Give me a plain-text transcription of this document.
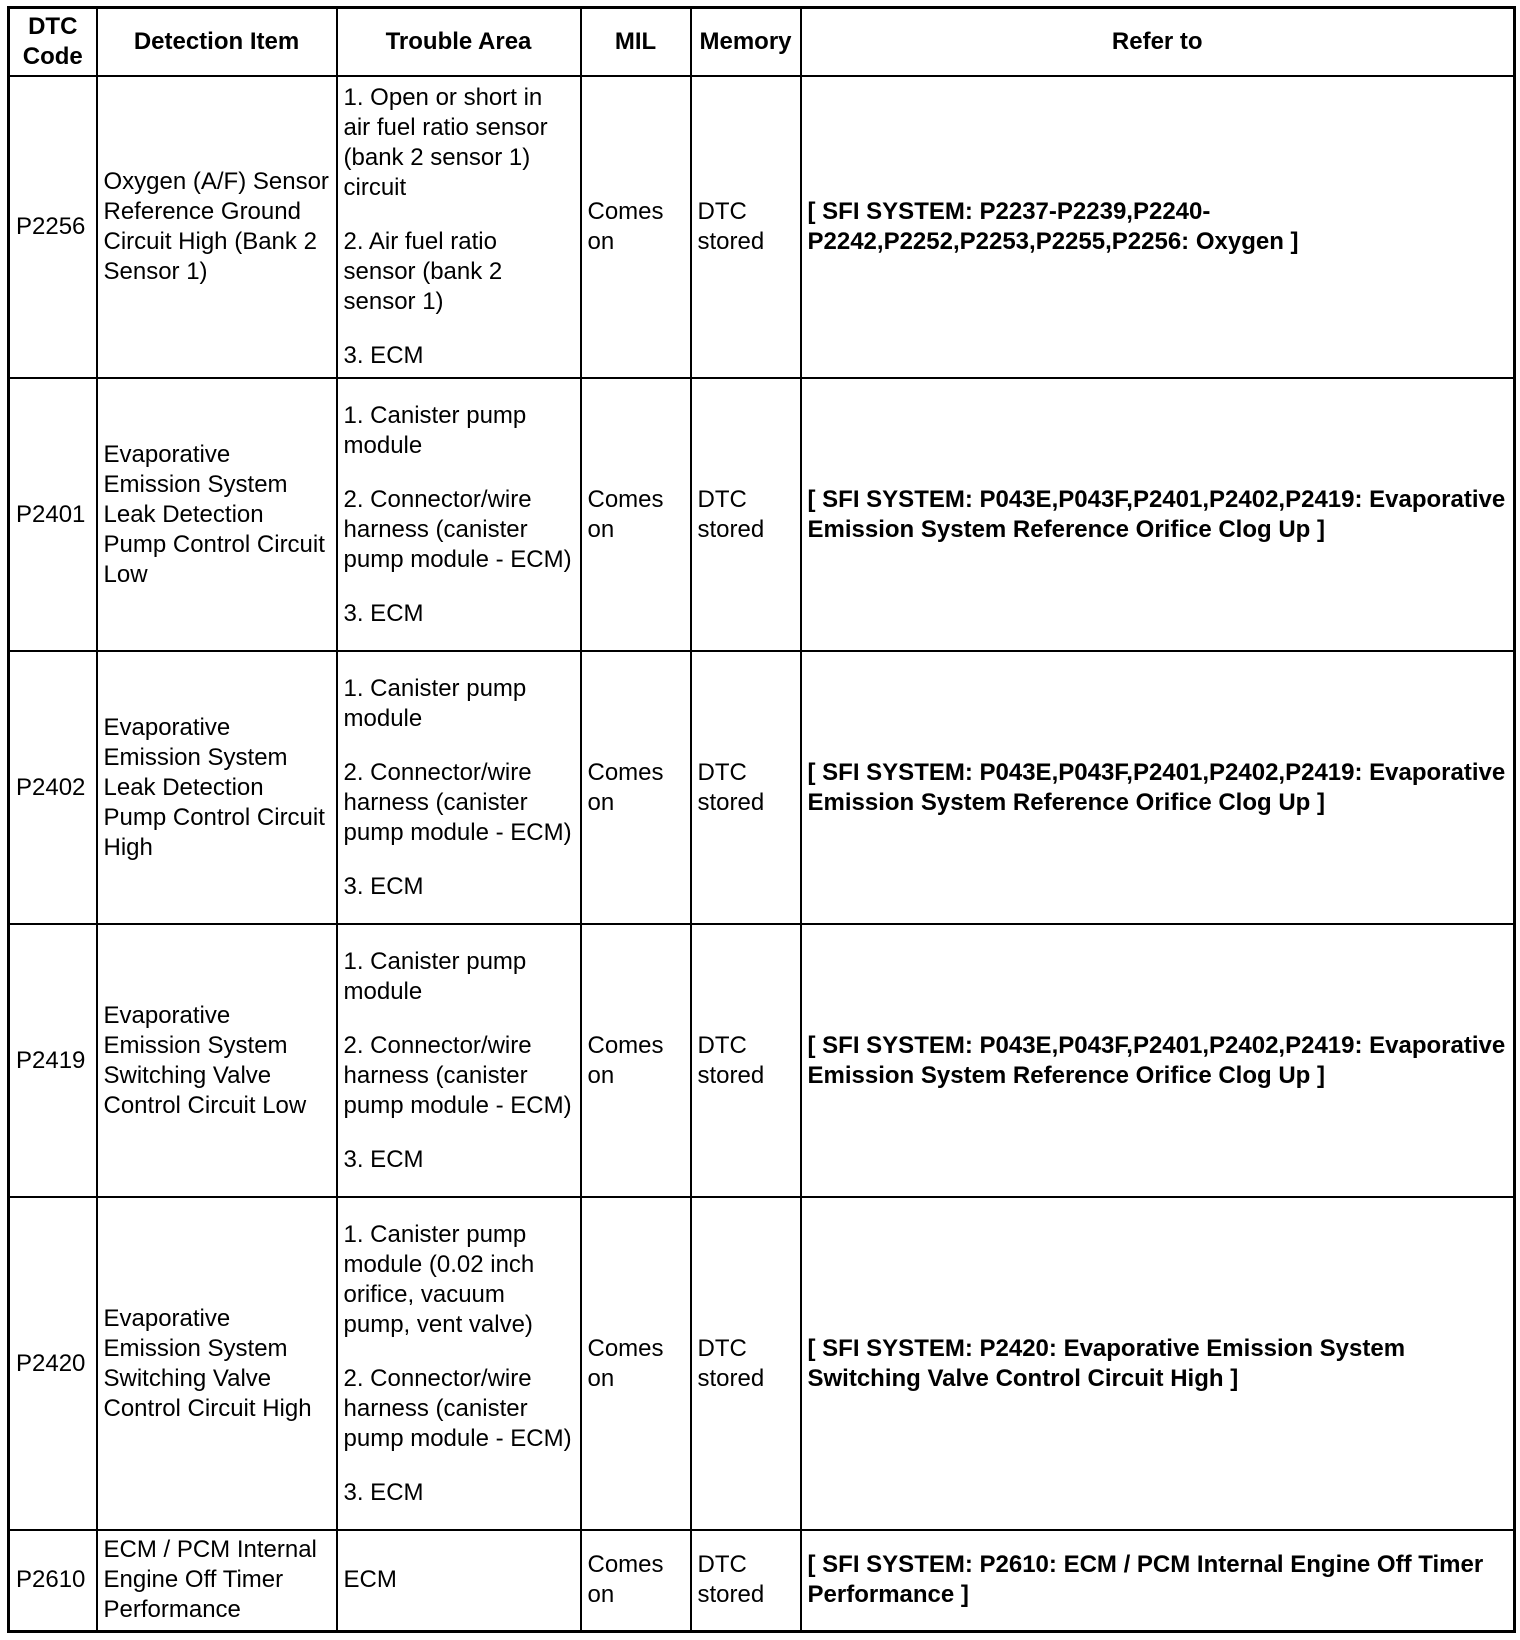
DTC Code	Detection Item	Trouble Area	MIL	Memory	Refer to
P2256	Oxygen (A/F) Sensor Reference Ground Circuit High (Bank 2 Sensor 1)	1. Open or short in air fuel ratio sensor (bank 2 sensor 1) circuit
2. Air fuel ratio sensor (bank 2 sensor 1)
3. ECM	Comes on	DTC stored	[ SFI SYSTEM: P2237-P2239,P2240-P2242,P2252,P2253,P2255,P2256: Oxygen ]
P2401	Evaporative Emission System Leak Detection Pump Control Circuit Low	1. Canister pump module
2. Connector/wire harness (canister pump module - ECM)
3. ECM	Comes on	DTC stored	[ SFI SYSTEM: P043E,P043F,P2401,P2402,P2419: Evaporative Emission System Reference Orifice Clog Up ]
P2402	Evaporative Emission System Leak Detection Pump Control Circuit High	1. Canister pump module
2. Connector/wire harness (canister pump module - ECM)
3. ECM	Comes on	DTC stored	[ SFI SYSTEM: P043E,P043F,P2401,P2402,P2419: Evaporative Emission System Reference Orifice Clog Up ]
P2419	Evaporative Emission System Switching Valve Control Circuit Low	1. Canister pump module
2. Connector/wire harness (canister pump module - ECM)
3. ECM	Comes on	DTC stored	[ SFI SYSTEM: P043E,P043F,P2401,P2402,P2419: Evaporative Emission System Reference Orifice Clog Up ]
P2420	Evaporative Emission System Switching Valve Control Circuit High	1. Canister pump module (0.02 inch orifice, vacuum pump, vent valve)
2. Connector/wire harness (canister pump module - ECM)
3. ECM	Comes on	DTC stored	[ SFI SYSTEM: P2420: Evaporative Emission System Switching Valve Control Circuit High ]
P2610	ECM / PCM Internal Engine Off Timer Performance	ECM	Comes on	DTC stored	[ SFI SYSTEM: P2610: ECM / PCM Internal Engine Off Timer Performance ]
